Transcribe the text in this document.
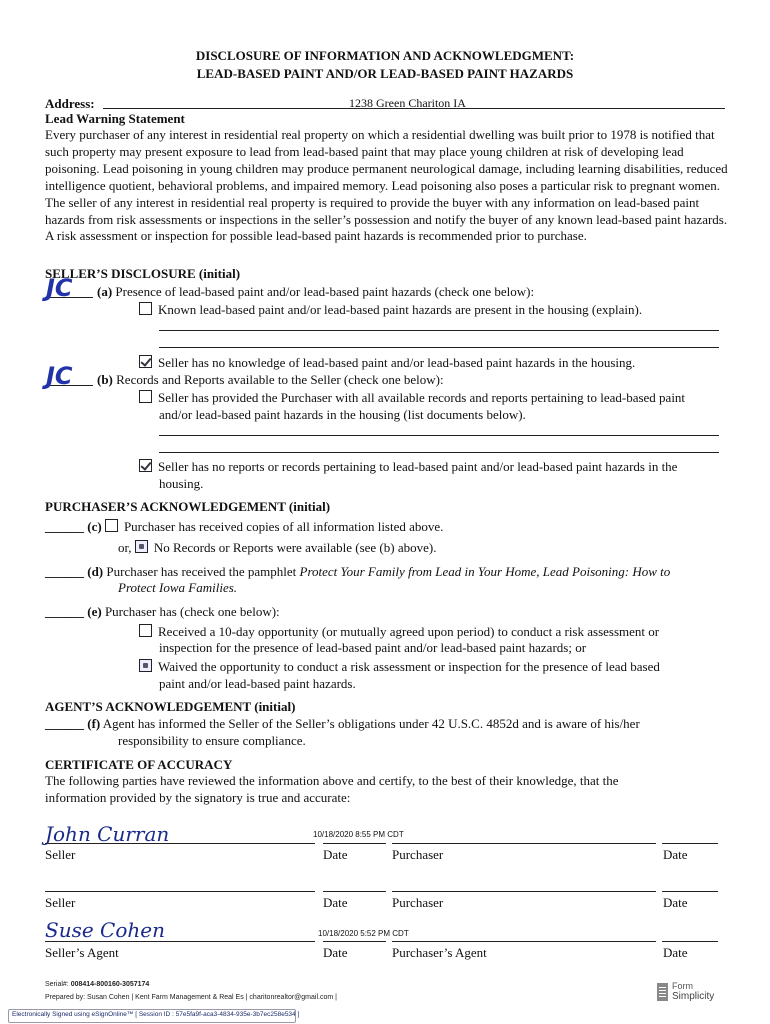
DISCLOSURE OF INFORMATION AND ACKNOWLEDGMENT:
LEAD-BASED PAINT AND/OR LEAD-BASED PAINT HAZARDS
Address:	1238 Green Chariton IA
Lead Warning Statement
Every purchaser of any interest in residential real property on which a residential dwelling was built prior to 1978 is notified that such property may present exposure to lead from lead-based paint that may place young children at risk of developing lead poisoning. Lead poisoning in young children may produce permanent neurological damage, including learning disabilities, reduced intelligence quotient, behavioral problems, and impaired memory. Lead poisoning also poses a particular risk to pregnant women. The seller of any interest in residential real property is required to provide the buyer with any information on lead-based paint hazards from risk assessments or inspections in the seller’s possession and notify the buyer of any known lead-based paint hazards. A risk assessment or inspection for possible lead-based paint hazards is recommended prior to purchase.
SELLER’S DISCLOSURE (initial)
JC (a) Presence of lead-based paint and/or lead-based paint hazards (check one below):
Known lead-based paint and/or lead-based paint hazards are present in the housing (explain).
Seller has no knowledge of lead-based paint and/or lead-based paint hazards in the housing.
JC (b) Records and Reports available to the Seller (check one below):
Seller has provided the Purchaser with all available records and reports pertaining to lead-based paint
and/or lead-based paint hazards in the housing (list documents below).
Seller has no reports or records pertaining to lead-based paint and/or lead-based paint hazards in the
housing.
PURCHASER’S ACKNOWLEDGEMENT (initial)
______ (c) Purchaser has received copies of all information listed above.
or, No Records or Reports were available (see (b) above).
______ (d) Purchaser has received the pamphlet Protect Your Family from Lead in Your Home, Lead Poisoning: How to
Protect Iowa Families.
______ (e) Purchaser has (check one below):
Received a 10-day opportunity (or mutually agreed upon period) to conduct a risk assessment or
inspection for the presence of lead-based paint and/or lead-based paint hazards; or
Waived the opportunity to conduct a risk assessment or inspection for the presence of lead based
paint and/or lead-based paint hazards.
AGENT’S ACKNOWLEDGEMENT (initial)
______ (f) Agent has informed the Seller of the Seller’s obligations under 42 U.S.C. 4852d and is aware of his/her
responsibility to ensure compliance.
CERTIFICATE OF ACCURACY
The following parties have reviewed the information above and certify, to the best of their knowledge, that the
information provided by the signatory is true and accurate:
John Curran	10/18/2020 8:55 PM CDT
Seller	Date	Purchaser	Date
Seller	Date	Purchaser	Date
Suse Cohen	10/18/2020 5:52 PM CDT
Seller’s Agent	Date	Purchaser’s Agent	Date
Serial#: 008414-800160-3057174
Prepared by: Susan Cohen | Kent Farm Management & Real Es | charitonrealtor@gmail.com |
Electronically Signed using eSignOnline™ [ Session ID : 57e5fa9f-aca3-4834-935e-3b7ec258e534 ]
Form
Simplicity
